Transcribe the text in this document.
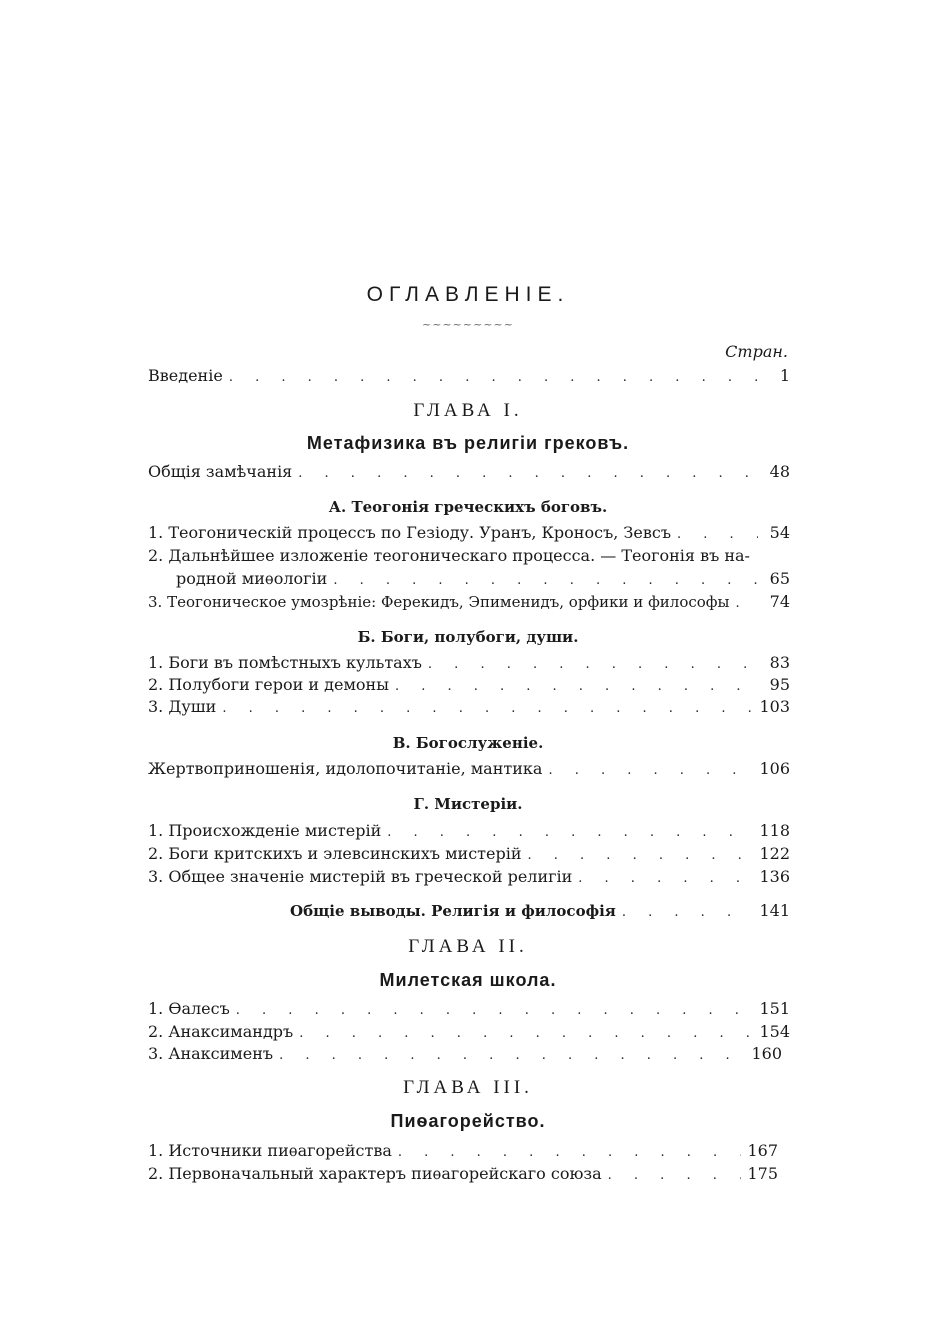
ОГЛАВЛЕНІЕ.
~~~~~~~~~
Стран.
Введеніе . . .	1
ГЛАВА I.
Метафизика въ религіи грековъ.
Общія замѣчанія . . .	48
А. Теогонія греческихъ боговъ.
1. Теогоническій процессъ по Гезіоду. Уранъ, Кроносъ, Зевсъ . . .	54
2. Дальнѣйшее изложеніе теогоническаго процесса. — Теогонія въ на-
родной миѳологіи . . .	65
3. Теогоническое умозрѣніе: Ферекидъ, Эпименидъ, орфики и философы . . .	74
Б. Боги, полубоги, души.
1. Боги въ помѣстныхъ культахъ . . .	83
2. Полубоги герои и демоны . . .	95
3. Души . . .	103
В. Богослуженіе.
Жертвоприношенія, идолопочитаніе, мантика . . .	106
Г. Мистеріи.
1. Происхожденіе мистерій . . .	118
2. Боги критскихъ и элевсинскихъ мистерій . . .	122
3. Общее значеніе мистерій въ греческой религіи . . .	136
Общіе выводы. Религія и философія . . .	141
ГЛАВА II.
Милетская школа.
1. Ѳалесъ . . .	151
2. Анаксимандръ . . .	154
3. Анаксименъ . . .	160
ГЛАВА III.
Пиѳагорейство.
1. Источники пиѳагорейства . . .	167
2. Первоначальный характеръ пиѳагорейскаго союза . . .	175
